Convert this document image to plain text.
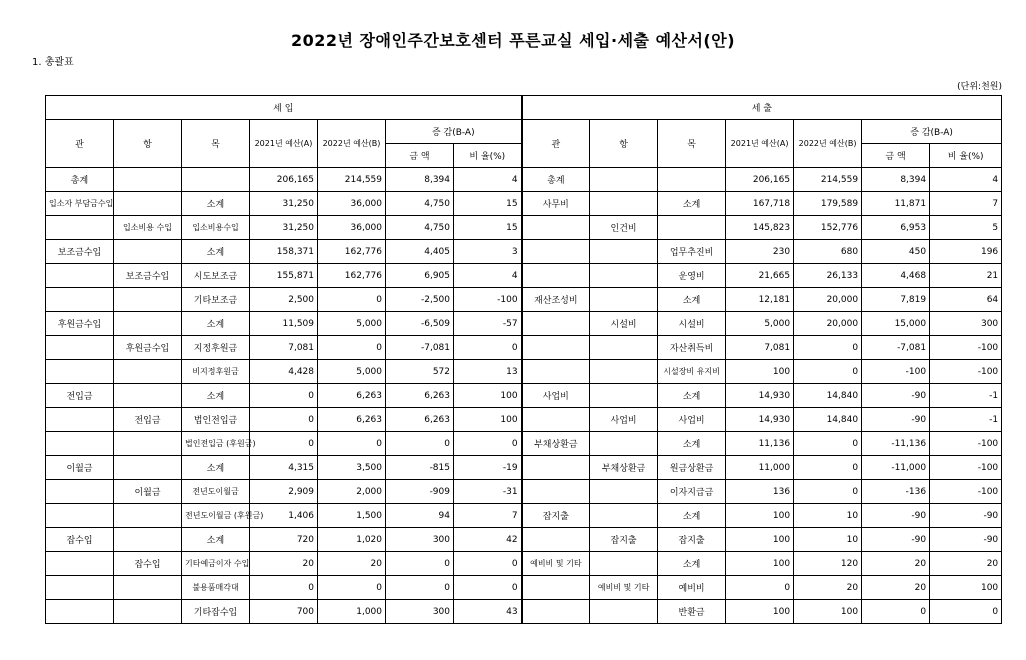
2022년 장애인주간보호센터 푸른교실 세입·세출 예산서(안)
1. 총괄표
(단위:천원)
세 입							세 출						
관	항	목	2021년 예산(A)	2022년 예산(B)	증 감(B-A)		관	항	목	2021년 예산(A)	2022년 예산(B)	증 감(B-A)	
					금 액	비 율(%)						금 액	비 율(%)
총계			206,165	214,559	8,394	4	총계			206,165	214,559	8,394	4
입소자 부담금수입		소계	31,250	36,000	4,750	15	사무비		소계	167,718	179,589	11,871	7
	입소비용 수입	입소비용수입	31,250	36,000	4,750	15		인건비		145,823	152,776	6,953	5
보조금수입		소계	158,371	162,776	4,405	3			업무추진비	230	680	450	196
	보조금수입	시도보조금	155,871	162,776	6,905	4			운영비	21,665	26,133	4,468	21
		기타보조금	2,500	0	-2,500	-100	재산조성비		소계	12,181	20,000	7,819	64
후원금수입		소계	11,509	5,000	-6,509	-57		시설비	시설비	5,000	20,000	15,000	300
	후원금수입	지정후원금	7,081	0	-7,081	0			자산취득비	7,081	0	-7,081	-100
		비지정후원금	4,428	5,000	572	13			시설장비 유지비	100	0	-100	-100
전입금		소계	0	6,263	6,263	100	사업비		소계	14,930	14,840	-90	-1
	전입금	법인전입금	0	6,263	6,263	100		사업비	사업비	14,930	14,840	-90	-1
		법인전입금 (후원금)	0	0	0	0	부채상환금		소계	11,136	0	-11,136	-100
이월금		소계	4,315	3,500	-815	-19		부채상환금	원금상환금	11,000	0	-11,000	-100
	이월금	전년도이월금	2,909	2,000	-909	-31			이자지급금	136	0	-136	-100
		전년도이월금 (후원금)	1,406	1,500	94	7	잡지출		소계	100	10	-90	-90
잡수입		소계	720	1,020	300	42		잡지출	잡지출	100	10	-90	-90
	잡수입	기타예금이자 수입	20	20	0	0	예비비 및 기타		소계	100	120	20	20
		불용품매각대	0	0	0	0		예비비 및 기타	예비비	0	20	20	100
		기타잡수입	700	1,000	300	43			반환금	100	100	0	0
